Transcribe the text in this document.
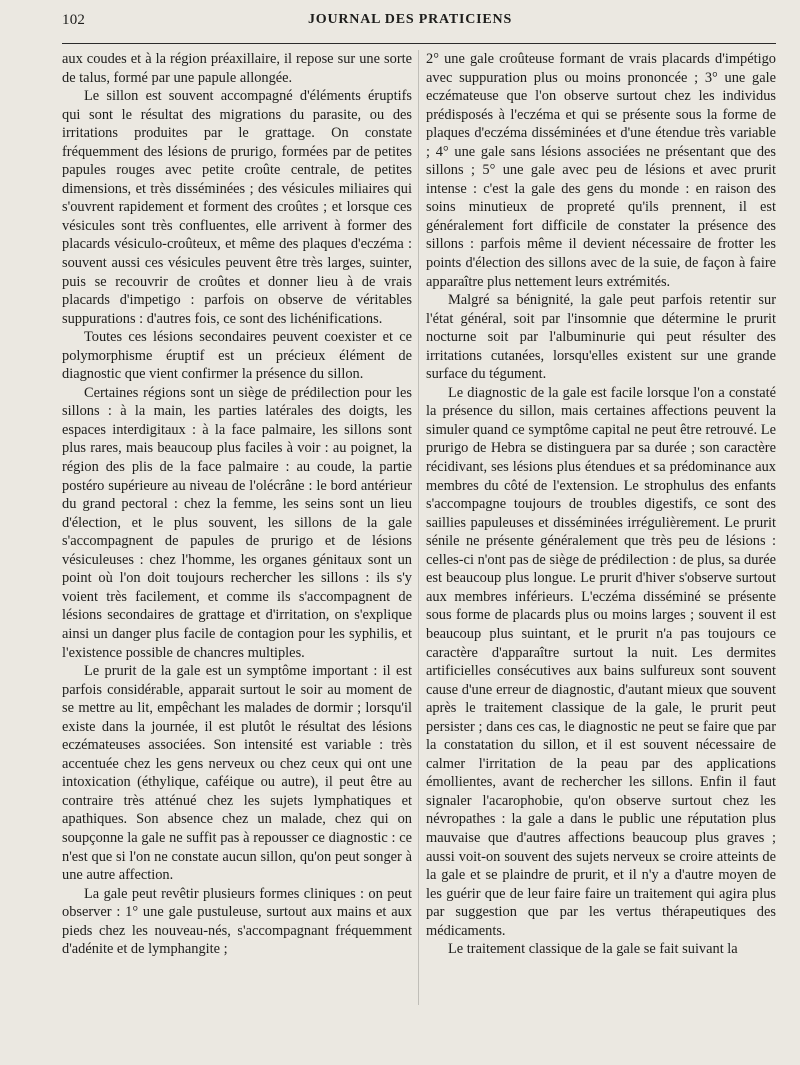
102	JOURNAL DES PRATICIENS

aux coudes et à la région préaxillaire, il repose sur une sorte de talus, formé par une papule allongée.

Le sillon est souvent accompagné d'éléments éruptifs qui sont le résultat des migrations du parasite, ou des irritations produites par le grattage. On constate fréquemment des lésions de prurigo, formées par de petites papules rouges avec petite croûte centrale, de petites dimensions, et très disséminées ; des vésicules miliaires qui s'ouvrent rapidement et forment des croûtes ; et lorsque ces vésicules sont très confluentes, elle arrivent à former des placards vésiculo-croûteux, et même des plaques d'eczéma : souvent aussi ces vésicules peuvent être très larges, suinter, puis se recouvrir de croûtes et donner lieu à de vrais placards d'impetigo : parfois on observe de véritables suppurations : d'autres fois, ce sont des lichénifications.

Toutes ces lésions secondaires peuvent coexister et ce polymorphisme éruptif est un précieux élément de diagnostic que vient confirmer la présence du sillon.

Certaines régions sont un siège de prédilection pour les sillons : à la main, les parties latérales des doigts, les espaces interdigitaux : à la face palmaire, les sillons sont plus rares, mais beaucoup plus faciles à voir : au poignet, la région des plis de la face palmaire : au coude, la partie postéro supérieure au niveau de l'olécrâne : le bord antérieur du grand pectoral : chez la femme, les seins sont un lieu d'élection, et le plus souvent, les sillons de la gale s'accompagnent de papules de prurigo et de lésions vésiculeuses : chez l'homme, les organes génitaux sont un point où l'on doit toujours rechercher les sillons : ils s'y voient très facilement, et comme ils s'accompagnent de lésions secondaires de grattage et d'irritation, on s'explique ainsi un danger plus facile de contagion pour les syphilis, et l'existence possible de chancres multiples.

Le prurit de la gale est un symptôme important : il est parfois considérable, apparait surtout le soir au moment de se mettre au lit, empêchant les malades de dormir ; lorsqu'il existe dans la journée, il est plutôt le résultat des lésions eczémateuses associées. Son intensité est variable : très accentuée chez les gens nerveux ou chez ceux qui ont une intoxication (éthylique, caféique ou autre), il peut être au contraire très atténué chez les sujets lymphatiques et apathiques. Son absence chez un malade, chez qui on soupçonne la gale ne suffit pas à repousser ce diagnostic : ce n'est que si l'on ne constate aucun sillon, qu'on peut songer à une autre affection.

La gale peut revêtir plusieurs formes cliniques : on peut observer : 1° une gale pustuleuse, surtout aux mains et aux pieds chez les nouveau-nés, s'accompagnant fréquemment d'adénite et de lymphangite ;

2° une gale croûteuse formant de vrais placards d'impétigo avec suppuration plus ou moins prononcée ; 3° une gale eczémateuse que l'on observe surtout chez les individus prédisposés à l'eczéma et qui se présente sous la forme de plaques d'eczéma disséminées et d'une étendue très variable ; 4° une gale sans lésions associées ne présentant que des sillons ; 5° une gale avec peu de lésions et avec prurit intense : c'est la gale des gens du monde : en raison des soins minutieux de propreté qu'ils prennent, il est généralement fort difficile de constater la présence des sillons : parfois même il devient nécessaire de frotter les points d'élection des sillons avec de la suie, de façon à faire apparaître plus nettement leurs extrémités.

Malgré sa bénignité, la gale peut parfois retentir sur l'état général, soit par l'insomnie que détermine le prurit nocturne soit par l'albuminurie qui peut résulter des irritations cutanées, lorsqu'elles existent sur une grande surface du tégument.

Le diagnostic de la gale est facile lorsque l'on a constaté la présence du sillon, mais certaines affections peuvent la simuler quand ce symptôme capital ne peut être retrouvé. Le prurigo de Hebra se distinguera par sa durée ; son caractère récidivant, ses lésions plus étendues et sa prédominance aux membres du côté de l'extension. Le strophulus des enfants s'accompagne toujours de troubles digestifs, ce sont des saillies papuleuses et disséminées irrégulièrement. Le prurit sénile ne présente généralement que très peu de lésions : celles-ci n'ont pas de siège de prédilection : de plus, sa durée est beaucoup plus longue. Le prurit d'hiver s'observe surtout aux membres inférieurs. L'eczéma disséminé se présente sous forme de placards plus ou moins larges ; souvent il est beaucoup plus suintant, et le prurit n'a pas toujours ce caractère d'apparaître surtout la nuit. Les dermites artificielles consécutives aux bains sulfureux sont souvent cause d'une erreur de diagnostic, d'autant mieux que souvent après le traitement classique de la gale, le prurit peut persister ; dans ces cas, le diagnostic ne peut se faire que par la constatation du sillon, et il est souvent nécessaire de calmer l'irritation de la peau par des applications émollientes, avant de rechercher les sillons. Enfin il faut signaler l'acarophobie, qu'on observe surtout chez les névropathes : la gale a dans le public une réputation plus mauvaise que d'autres affections beaucoup plus graves ; aussi voit-on souvent des sujets nerveux se croire atteints de la gale et se plaindre de prurit, et il n'y a d'autre moyen de les guérir que de leur faire faire un traitement qui agira plus par suggestion que par les vertus thérapeutiques des médicaments.

Le traitement classique de la gale se fait suivant la
